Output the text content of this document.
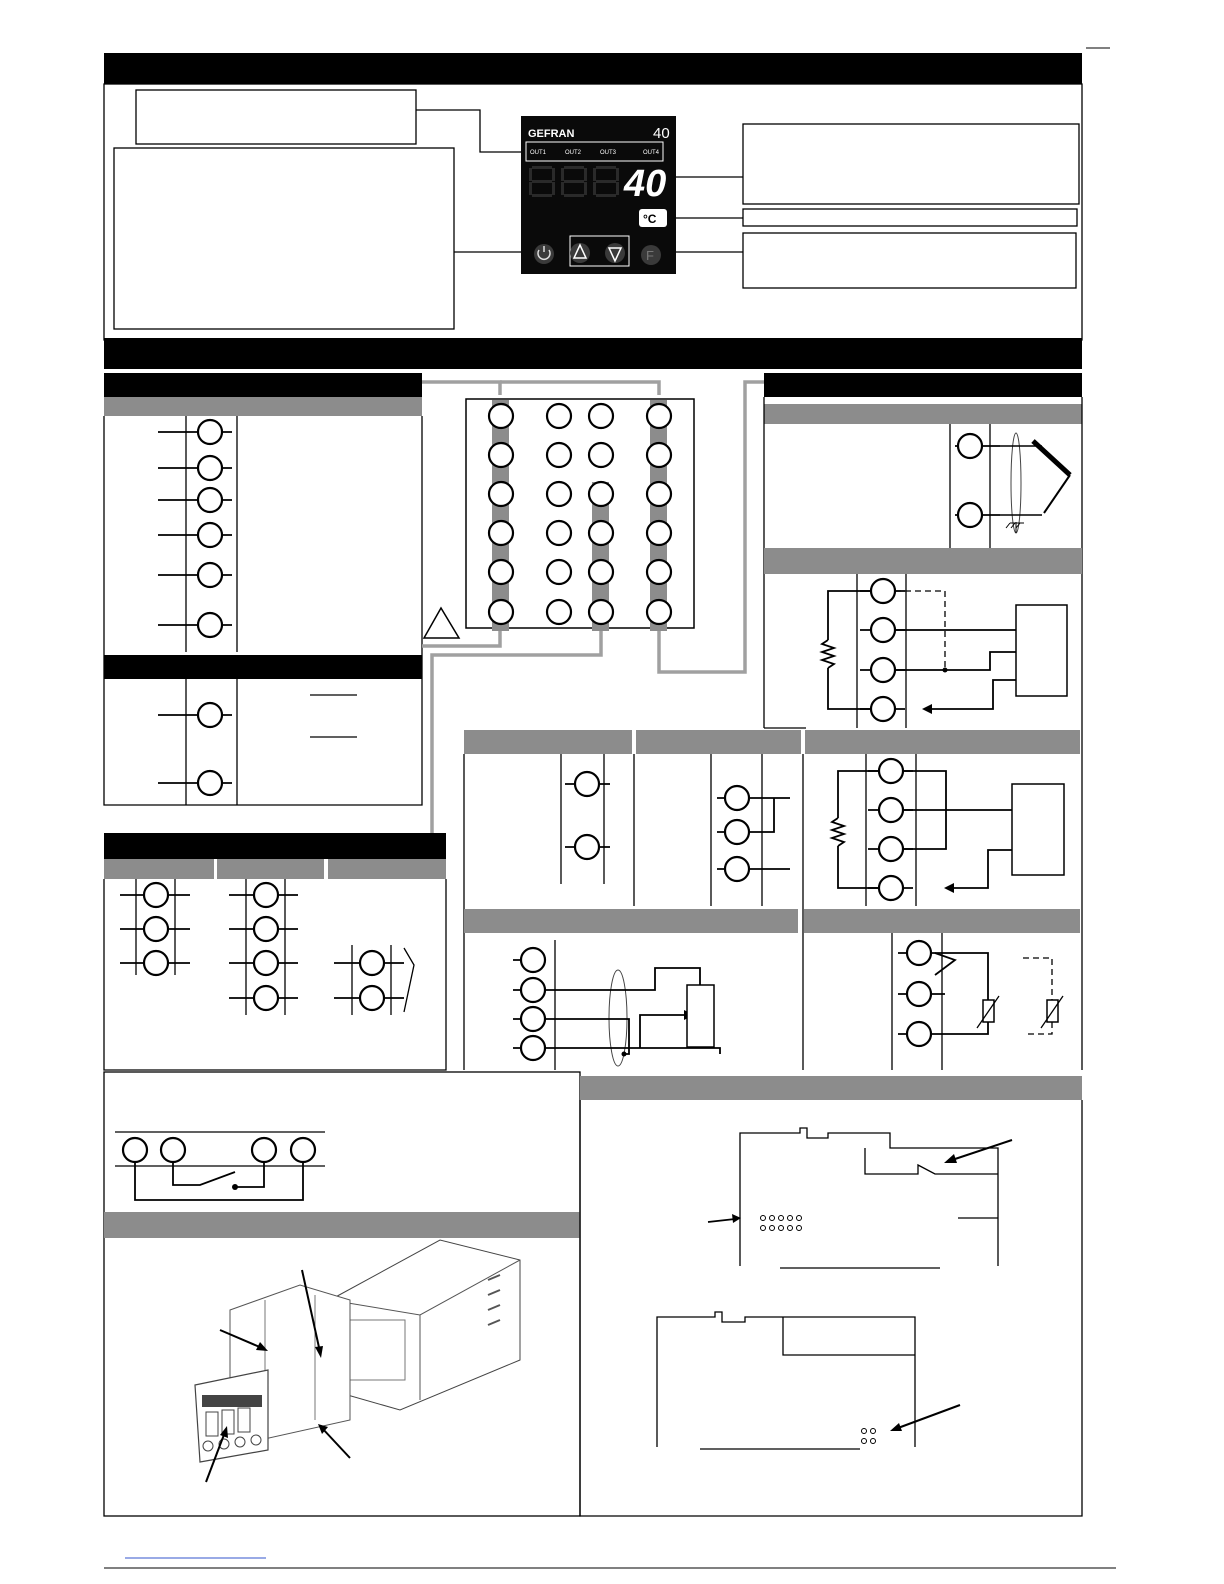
GEFRAN	40
OUT1	OUT2	OUT3	OUT4
40
°C
F
